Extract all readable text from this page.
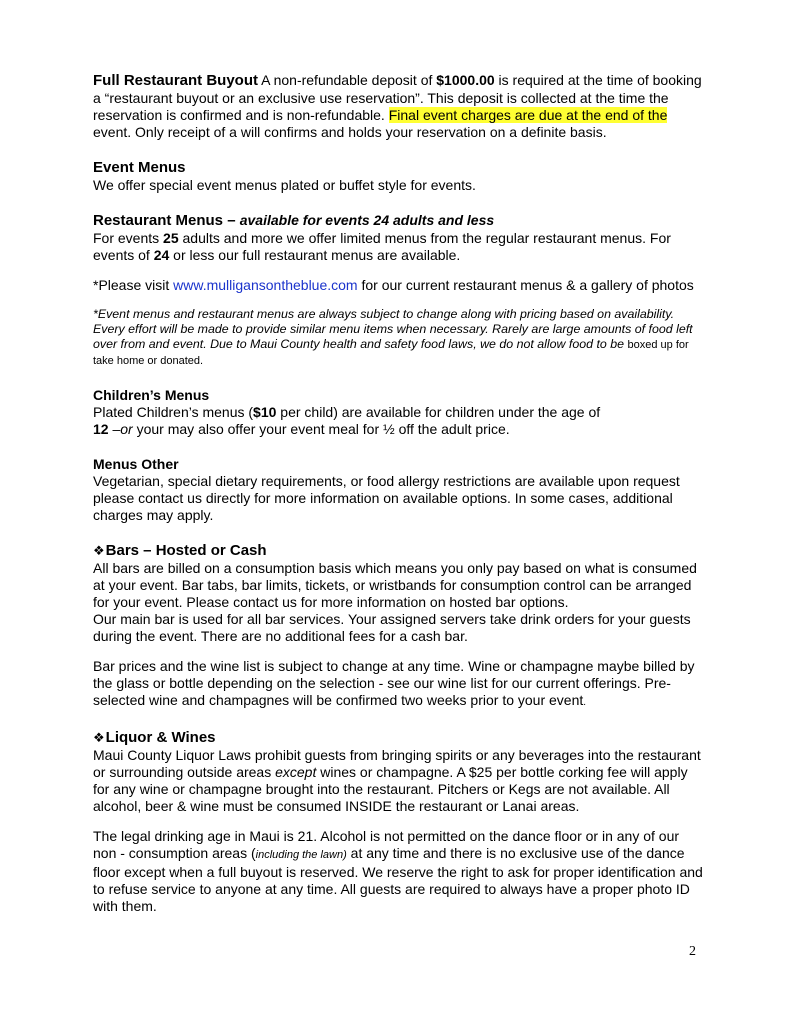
Full Restaurant Buyout A non-refundable deposit of $1000.00 is required at the time of booking a “restaurant buyout or an exclusive use reservation”. This deposit is collected at the time the reservation is confirmed and is non-refundable. Final event charges are due at the end of the event. Only receipt of a will confirms and holds your reservation on a definite basis.

Event Menus

We offer special event menus plated or buffet style for events.

Restaurant Menus – available for events 24 adults and less

For events 25 adults and more we offer limited menus from the regular restaurant menus. For events of 24 or less our full restaurant menus are available.

*Please visit www.mulligansontheblue.com for our current restaurant menus & a gallery of photos

*Event menus and restaurant menus are always subject to change along with pricing based on availability. Every effort will be made to provide similar menu items when necessary. Rarely are large amounts of food left over from and event. Due to Maui County health and safety food laws, we do not allow food to be boxed up for take home or donated.

Children’s Menus

Plated Children’s menus ($10 per child) are available for children under the age of
12 –or your may also offer your event meal for ½ off the adult price.

Menus Other

Vegetarian, special dietary requirements, or food allergy restrictions are available upon request please contact us directly for more information on available options. In some cases, additional charges may apply.

❖Bars – Hosted or Cash

All bars are billed on a consumption basis which means you only pay based on what is consumed at your event. Bar tabs, bar limits, tickets, or wristbands for consumption control can be arranged for your event. Please contact us for more information on hosted bar options.

Our main bar is used for all bar services. Your assigned servers take drink orders for your guests during the event. There are no additional fees for a cash bar.

Bar prices and the wine list is subject to change at any time. Wine or champagne maybe billed by the glass or bottle depending on the selection - see our wine list for our current offerings. Pre-selected wine and champagnes will be confirmed two weeks prior to your event.

❖Liquor & Wines

Maui County Liquor Laws prohibit guests from bringing spirits or any beverages into the restaurant or surrounding outside areas except wines or champagne. A $25 per bottle corking fee will apply for any wine or champagne brought into the restaurant. Pitchers or Kegs are not available. All alcohol, beer & wine must be consumed INSIDE the restaurant or Lanai areas.

The legal drinking age in Maui is 21. Alcohol is not permitted on the dance floor or in any of our non - consumption areas (including the lawn) at any time and there is no exclusive use of the dance floor except when a full buyout is reserved. We reserve the right to ask for proper identification and to refuse service to anyone at any time. All guests are required to always have a proper photo ID with them.

2
